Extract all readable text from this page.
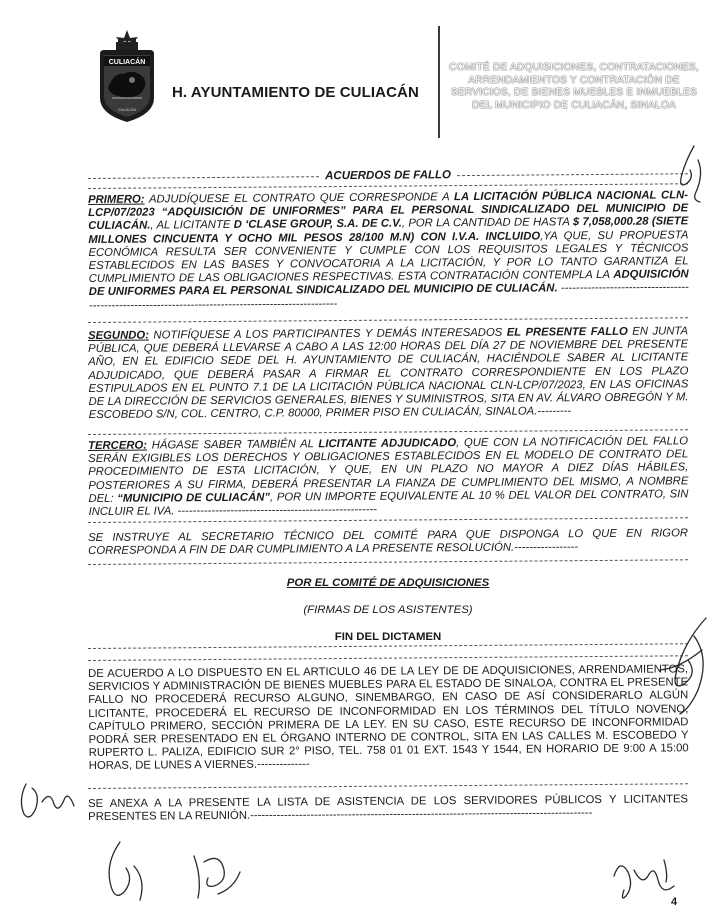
CULIACÁN
CULIACÁN
H. AYUNTAMIENTO DE CULIACÁN
COMITÉ DE ADQUISICIONES, CONTRATACIONES, ARRENDAMIENTOS Y CONTRATACIÓN DE SERVICIOS, DE BIENES MUEBLES E INMUEBLES DEL MUNICIPIO DE CULIACÁN, SINALOA
ACUERDOS DE FALLO
PRIMERO: ADJUDÍQUESE EL CONTRATO QUE CORRESPONDE A LA LICITACIÓN PÚBLICA NACIONAL CLN-LCP/07/2023 “ADQUISICIÓN DE UNIFORMES” PARA EL PERSONAL SINDICALIZADO DEL MUNICIPIO DE CULIACÁN., AL LICITANTE D ‘CLASE GROUP, S.A. DE C.V., POR LA CANTIDAD DE HASTA $ 7,058,000.28 (SIETE MILLONES CINCUENTA Y OCHO MIL PESOS 28/100 M.N) CON I.V.A. INCLUIDO,YA QUE, SU PROPUESTA ECONÓMICA RESULTA SER CONVENIENTE Y CUMPLE CON LOS REQUISITOS LEGALES Y TÉCNICOS ESTABLECIDOS EN LAS BASES Y CONVOCATORIA A LA LICITACIÓN, Y POR LO TANTO GARANTIZA EL CUMPLIMIENTO DE LAS OBLIGACIONES RESPECTIVAS. ESTA CONTRATACIÓN CONTEMPLA LA ADQUISICIÓN DE UNIFORMES PARA EL PERSONAL SINDICALIZADO DEL MUNICIPIO DE CULIACÁN. ----------------------------------------------------------------------------------------------------
SEGUNDO: NOTIFÍQUESE A LOS PARTICIPANTES Y DEMÁS INTERESADOS EL PRESENTE FALLO EN JUNTA PÚBLICA, QUE DEBERÁ LLEVARSE A CABO A LAS 12:00 HORAS DEL DÍA 27 DE NOVIEMBRE DEL PRESENTE AÑO, EN EL EDIFICIO SEDE DEL H. AYUNTAMIENTO DE CULIACÁN, HACIÉNDOLE SABER AL LICITANTE ADJUDICADO, QUE DEBERÁ PASAR A FIRMAR EL CONTRATO CORRESPONDIENTE EN LOS PLAZO ESTIPULADOS EN EL PUNTO 7.1 DE LA LICITACIÓN PÚBLICA NACIONAL CLN-LCP/07/2023, EN LAS OFICINAS DE LA DIRECCIÓN DE SERVICIOS GENERALES, BIENES Y SUMINISTROS, SITA EN AV. ÁLVARO OBREGÓN Y M. ESCOBEDO S/N, COL. CENTRO, C.P. 80000, PRIMER PISO EN CULIACÁN, SINALOA.---------
TERCERO: HÁGASE SABER TAMBIÉN AL LICITANTE ADJUDICADO, QUE CON LA NOTIFICACIÓN DEL FALLO SERÁN EXIGIBLES LOS DERECHOS Y OBLIGACIONES ESTABLECIDOS EN EL MODELO DE CONTRATO DEL PROCEDIMIENTO DE ESTA LICITACIÓN, Y QUE, EN UN PLAZO NO MAYOR A DIEZ DÍAS HÁBILES, POSTERIORES A SU FIRMA, DEBERÁ PRESENTAR LA FIANZA DE CUMPLIMIENTO DEL MISMO, A NOMBRE DEL: “MUNICIPIO DE CULIACÁN”, POR UN IMPORTE EQUIVALENTE AL 10 % DEL VALOR DEL CONTRATO, SIN INCLUIR EL IVA. -----------------------------------------------------
SE INSTRUYE AL SECRETARIO TÉCNICO DEL COMITÉ PARA QUE DISPONGA LO QUE EN RIGOR CORRESPONDA A FIN DE DAR CUMPLIMIENTO A LA PRESENTE RESOLUCIÓN.-----------------
POR EL COMITÉ DE ADQUISICIONES
(FIRMAS DE LOS ASISTENTES)
FIN DEL DICTAMEN
DE ACUERDO A LO DISPUESTO EN EL ARTICULO 46 DE LA LEY DE DE ADQUISICIONES, ARRENDAMIENTOS, SERVICIOS Y ADMINISTRACIÓN DE BIENES MUEBLES PARA EL ESTADO DE SINALOA, CONTRA EL PRESENTE FALLO NO PROCEDERÁ RECURSO ALGUNO, SINEMBARGO, EN CASO DE ASÍ CONSIDERARLO ALGÚN LICITANTE, PROCEDERÁ EL RECURSO DE INCONFORMIDAD EN LOS TÉRMINOS DEL TÍTULO NOVENO, CAPÍTULO PRIMERO, SECCIÓN PRIMERA DE LA LEY. EN SU CASO, ESTE RECURSO DE INCONFORMIDAD PODRÁ SER PRESENTADO EN EL ÓRGANO INTERNO DE CONTROL, SITA EN LAS CALLES M. ESCOBEDO Y RUPERTO L. PALIZA, EDIFICIO SUR 2° PISO, TEL. 758 01 01 EXT. 1543 Y 1544, EN HORARIO DE 9:00 A 15:00 HORAS, DE LUNES A VIERNES.--------------
SE ANEXA A LA PRESENTE LA LISTA DE ASISTENCIA DE LOS SERVIDORES PÚBLICOS Y LICITANTES PRESENTES EN LA REUNIÓN.-------------------------------------------------------------------------------------------
4
